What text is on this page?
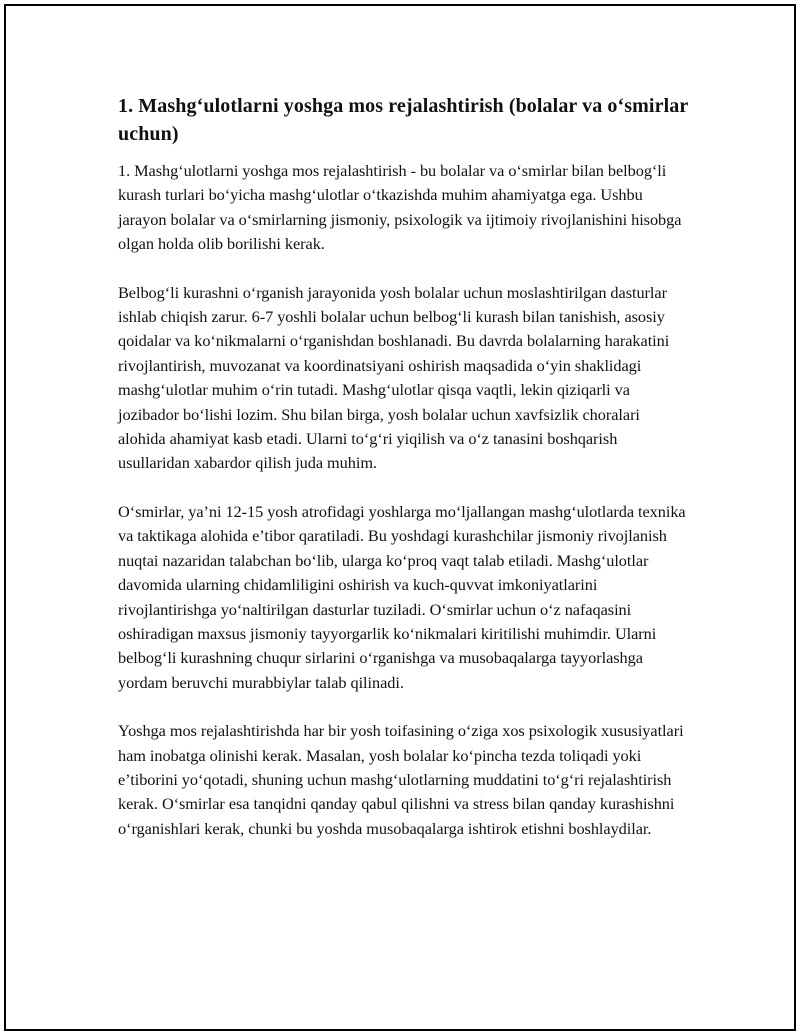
1. Mashg‘ulotlarni yoshga mos rejalashtirish (bolalar va o‘smirlar uchun)

1. Mashg‘ulotlarni yoshga mos rejalashtirish - bu bolalar va o‘smirlar bilan belbog‘li kurash turlari bo‘yicha mashg‘ulotlar o‘tkazishda muhim ahamiyatga ega. Ushbu jarayon bolalar va o‘smirlarning jismoniy, psixologik va ijtimoiy rivojlanishini hisobga olgan holda olib borilishi kerak.

Belbog‘li kurashni o‘rganish jarayonida yosh bolalar uchun moslashtirilgan dasturlar ishlab chiqish zarur. 6-7 yoshli bolalar uchun belbog‘li kurash bilan tanishish, asosiy qoidalar va ko‘nikmalarni o‘rganishdan boshlanadi. Bu davrda bolalarning harakatini rivojlantirish, muvozanat va koordinatsiyani oshirish maqsadida o‘yin shaklidagi mashg‘ulotlar muhim o‘rin tutadi. Mashg‘ulotlar qisqa vaqtli, lekin qiziqarli va jozibador bo‘lishi lozim. Shu bilan birga, yosh bolalar uchun xavfsizlik choralari alohida ahamiyat kasb etadi. Ularni to‘g‘ri yiqilish va o‘z tanasini boshqarish usullaridan xabardor qilish juda muhim.

O‘smirlar, ya’ni 12-15 yosh atrofidagi yoshlarga mo‘ljallangan mashg‘ulotlarda texnika va taktikaga alohida e’tibor qaratiladi. Bu yoshdagi kurashchilar jismoniy rivojlanish nuqtai nazaridan talabchan bo‘lib, ularga ko‘proq vaqt talab etiladi. Mashg‘ulotlar davomida ularning chidamliligini oshirish va kuch-quvvat imkoniyatlarini rivojlantirishga yo‘naltirilgan dasturlar tuziladi. O‘smirlar uchun o‘z nafaqasini oshiradigan maxsus jismoniy tayyorgarlik ko‘nikmalari kiritilishi muhimdir. Ularni belbog‘li kurashning chuqur sirlarini o‘rganishga va musobaqalarga tayyorlashga yordam beruvchi murabbiylar talab qilinadi.

Yoshga mos rejalashtirishda har bir yosh toifasining o‘ziga xos psixologik xususiyatlari ham inobatga olinishi kerak. Masalan, yosh bolalar ko‘pincha tezda toliqadi yoki e’tiborini yo‘qotadi, shuning uchun mashg‘ulotlarning muddatini to‘g‘ri rejalashtirish kerak. O‘smirlar esa tanqidni qanday qabul qilishni va stress bilan qanday kurashishni o‘rganishlari kerak, chunki bu yoshda musobaqalarga ishtirok etishni boshlaydilar.
